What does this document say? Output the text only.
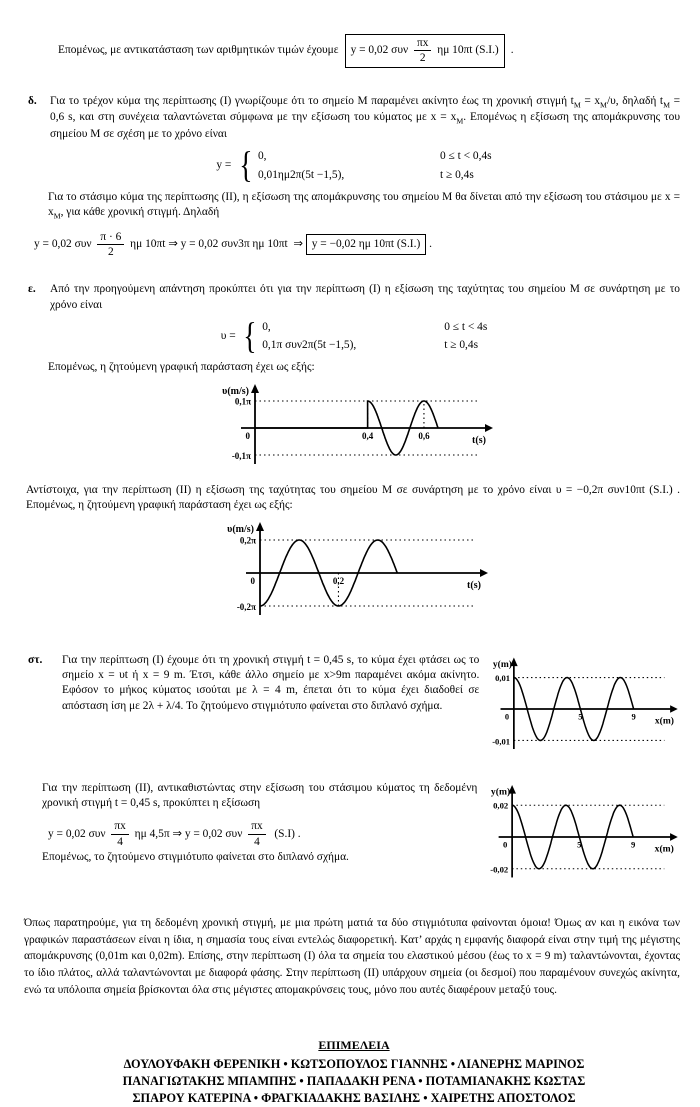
Επομένως, με αντικατάσταση των αριθμητικών τιμών έχουμε y = 0,02 συν $\frac{\pi x}{2}$ ημ 10πt (S.I.) .
δ.	Για το τρέχον κύμα της περίπτωσης (Ι) γνωρίζουμε ότι το σημείο Μ παραμένει ακίνητο έως τη χρονική στιγμή $t_M = x_M/\upsilon$, δηλαδή $t_M = 0,6$ s, και στη συνέχεια ταλαντώνεται σύμφωνα με την εξίσωση του κύματος με $x = x_M$. Επομένως η εξίσωση της απομάκρυνσης του σημείου Μ σε σχέση με το χρόνο είναι
y = { 0,	0 ≤ t < 0,4s
0,01ημ2π(5t −1,5),	t ≥ 0,4s

Για το στάσιμο κύμα της περίπτωσης (ΙΙ), η εξίσωση της απομάκρυνσης του σημείου Μ θα δίνεται από την εξίσωση του στάσιμου με $x = x_M$, για κάθε χρονική στιγμή. Δηλαδή

y = 0,02 συν $\frac{\pi \cdot 6}{2}$ ημ 10πt ⇒ y = 0,02 συν3π ημ 10πt  ⇒ y = −0,02 ημ 10πt (S.I.) .
ε.	Από την προηγούμενη απάντηση προκύπτει ότι για την περίπτωση (Ι) η εξίσωση της ταχύτητας του σημείου Μ σε συνάρτηση με το χρόνο είναι
υ = { 0,	0 ≤ t < 4s
0,1π συν2π(5t −1,5),	t ≥ 0,4s

Επομένως, η ζητούμενη γραφική παράσταση έχει ως εξής:

υ(m/s)
0,1π
-0,1π
t(s)
0	0,4	0,6

Αντίστοιχα, για την περίπτωση (ΙΙ) η εξίσωση της ταχύτητας του σημείου Μ σε συνάρτηση με το χρόνο είναι υ = −0,2π συν10πt (S.I.) . Επομένως, η ζητούμενη γραφική παράσταση έχει ως εξής:

υ(m/s)
0,2π
-0,2π
t(s)
0	0,2
στ.	Για την περίπτωση (Ι) έχουμε ότι τη χρονική στιγμή t = 0,45 s, το κύμα έχει φτάσει ως το σημείο x = υt ή x = 9 m. Έτσι, κάθε άλλο σημείο με x>9m παραμένει ακόμα ακίνητο. Εφόσον το μήκος κύματος ισούται με λ = 4 m, έπεται ότι το κύμα έχει διαδοθεί σε απόσταση ίση με 2λ + λ/4. Το ζητούμενο στιγμιότυπο φαίνεται στο διπλανό σχήμα.
y(m)
0,01
-0,01
x(m)
0	5	9

Για την περίπτωση (ΙΙ), αντικαθιστώντας στην εξίσωση του στάσιμου κύματος τη δεδομένη χρονική στιγμή t = 0,45 s, προκύπτει η εξίσωση

y = 0,02 συν $\frac{\pi x}{4}$ ημ 4,5π ⇒ y = 0,02 συν $\frac{\pi x}{4} (S.I)$ .

Επομένως, το ζητούμενο στιγμιότυπο φαίνεται στο διπλανό σχήμα.

y(m)
0,02
-0,02
x(m)
0	5	9

Όπως παρατηρούμε, για τη δεδομένη χρονική στιγμή, με μια πρώτη ματιά τα δύο στιγμιότυπα φαίνονται όμοια! Όμως αν και η εικόνα των γραφικών παραστάσεων είναι η ίδια, η σημασία τους είναι εντελώς διαφορετική. Κατ’ αρχάς η εμφανής διαφορά είναι στην τιμή της μέγιστης απομάκρυνσης (0,01m και 0,02m). Επίσης, στην περίπτωση (Ι) όλα τα σημεία του ελαστικού μέσου (έως το x = 9 m) ταλαντώνονται, έχοντας το ίδιο πλάτος, αλλά ταλαντώνονται με διαφορά φάσης. Στην περίπτωση (ΙΙ) υπάρχουν σημεία (οι δεσμοί) που παραμένουν συνεχώς ακίνητα, ενώ τα υπόλοιπα σημεία βρίσκονται όλα στις μέγιστες απομακρύνσεις τους, μόνο που αυτές διαφέρουν μεταξύ τους.

ΕΠΙΜΕΛΕΙΑ
ΔΟΥΛΟΥΦΑΚΗ ΦΕΡΕΝΙΚΗ • ΚΩΤΣΟΠΟΥΛΟΣ ΓΙΑΝΝΗΣ • ΛΙΑΝΕΡΗΣ ΜΑΡΙΝΟΣ
ΠΑΝΑΓΙΩΤΑΚΗΣ ΜΠΑΜΠΗΣ • ΠΑΠΑΔΑΚΗ ΡΕΝΑ • ΠΟΤΑΜΙΑΝΑΚΗΣ ΚΩΣΤΑΣ
ΣΠΑΡΟΥ ΚΑΤΕΡΙΝΑ • ΦΡΑΓΚΙΑΔΑΚΗΣ ΒΑΣΙΛΗΣ • ΧΑΙΡΕΤΗΣ ΑΠΟΣΤΟΛΟΣ
